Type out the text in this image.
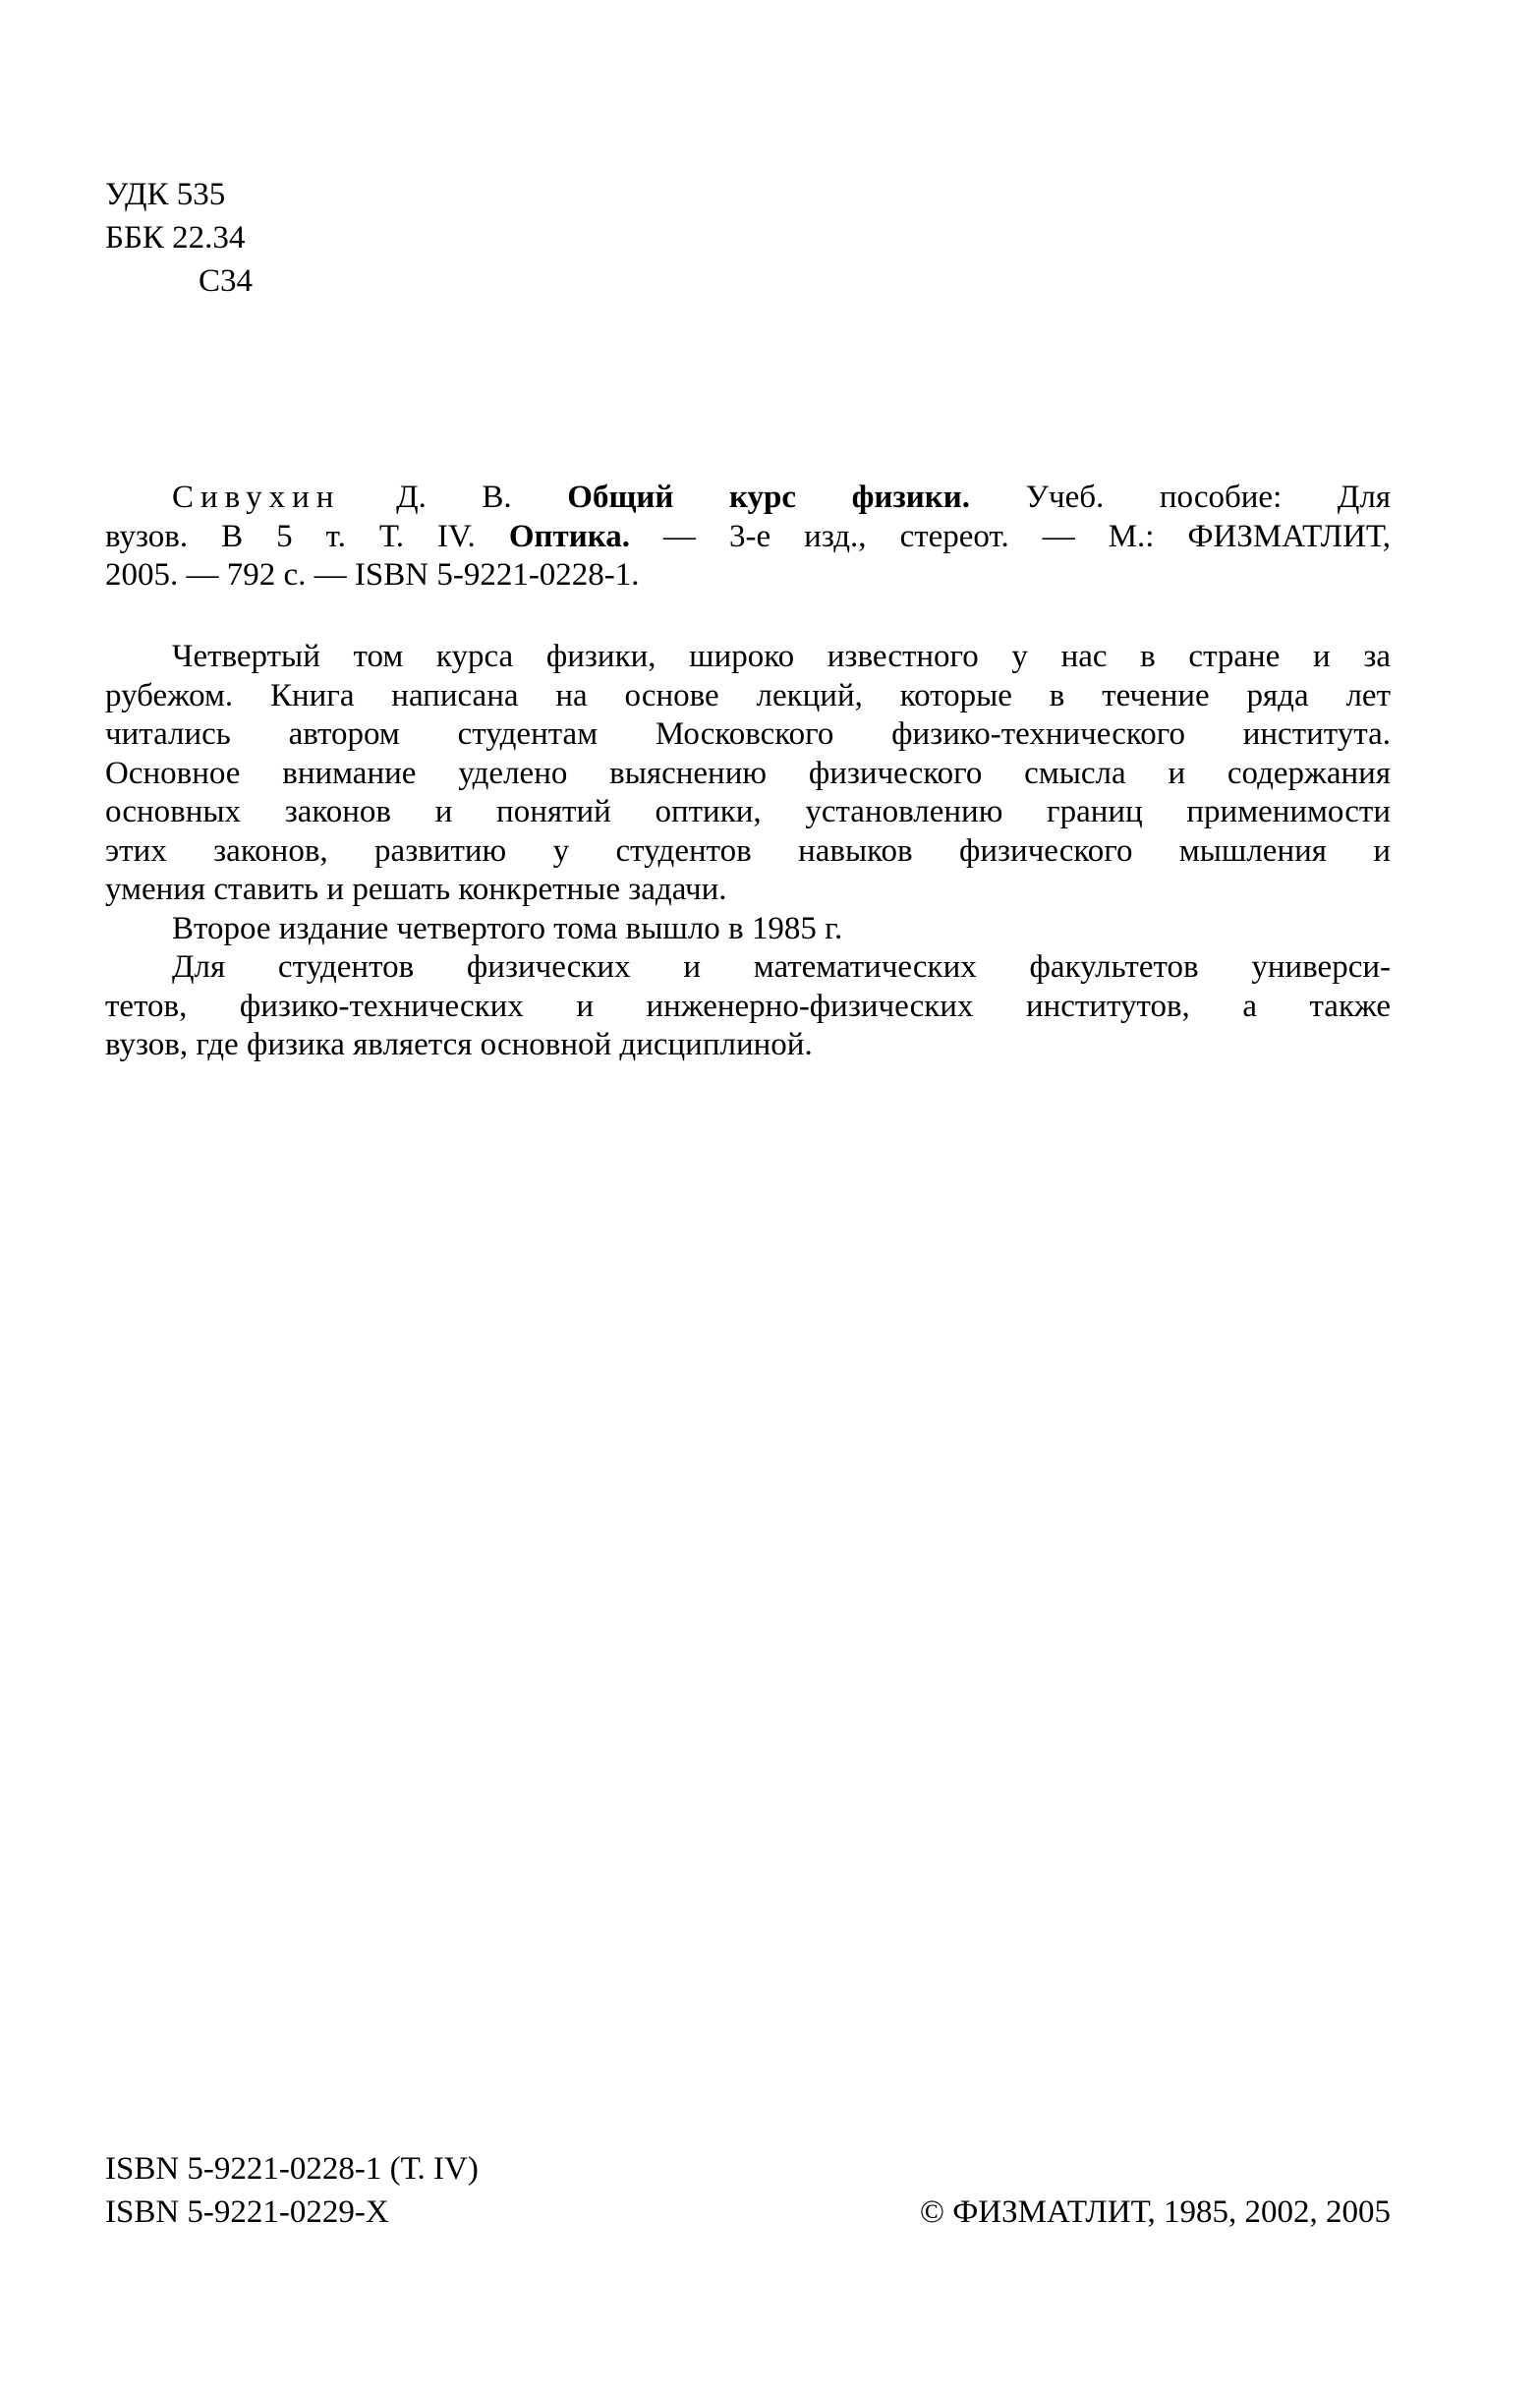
УДК 535
ББК 22.34
С34
Сивухин Д. В. Общий курс физики. Учеб. пособие: Для
вузов. В 5 т. Т. IV. Оптика. — 3-е изд., стереот. — М.: ФИЗМАТЛИТ,
2005. — 792 с. — ISBN 5-9221-0228-1.
Четвертый том курса физики, широко известного у нас в стране и за
рубежом. Книга написана на основе лекций, которые в течение ряда лет
читались автором студентам Московского физико-технического института.
Основное внимание уделено выяснению физического смысла и содержания
основных законов и понятий оптики, установлению границ применимости
этих законов, развитию у студентов навыков физического мышления и
умения ставить и решать конкретные задачи.
Второе издание четвертого тома вышло в 1985 г.
Для студентов физических и математических факультетов универси-
тетов, физико-технических и инженерно-физических институтов, а также
вузов, где физика является основной дисциплиной.
ISBN 5-9221-0228-1 (Т. IV)
ISBN 5-9221-0229-X	© ФИЗМАТЛИТ, 1985, 2002, 2005
